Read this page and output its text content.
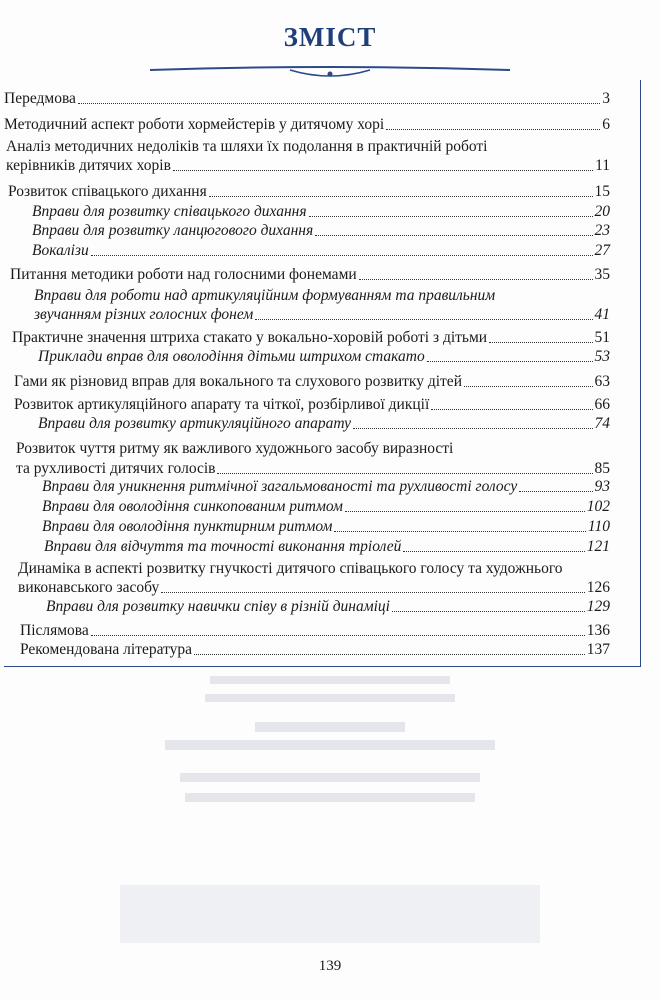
ЗМІСТ
Передмова	3
Методичний аспект роботи хормейстерів у дитячому хорі	6
Аналіз методичних недоліків та шляхи їх подолання в практичній роботі
керівників дитячих хорів	11
Розвиток співацького дихання	15
Вправи для розвитку співацького дихання	20
Вправи для розвитку ланцюгового дихання	23
Вокалізи	27
Питання методики роботи над голосними фонемами	35
Вправи для роботи над артикуляційним формуванням та правильним
звучанням різних голосних фонем	41
Практичне значення штриха стакато у вокально-хоровій роботі з дітьми	51
Приклади вправ для оволодіння дітьми штрихом стакато	53
Гами як різновид вправ для вокального та слухового розвитку дітей	63
Розвиток артикуляційного апарату та чіткої, розбірливої дикції	66
Вправи для розвитку артикуляційного апарату	74
Розвиток чуття ритму як важливого художнього засобу виразності
та рухливості дитячих голосів	85
Вправи для уникнення ритмічної загальмованості та рухливості голосу	93
Вправи для оволодіння синкопованим ритмом	102
Вправи для оволодіння пунктирним ритмом	110
Вправи для відчуття та точності виконання тріолей	121
Динаміка в аспекті розвитку гнучкості дитячого співацького голосу та художнього
виконавського засобу	126
Вправи для розвитку навички співу в різній динаміці	129
Післямова	136
Рекомендована література	137
139
